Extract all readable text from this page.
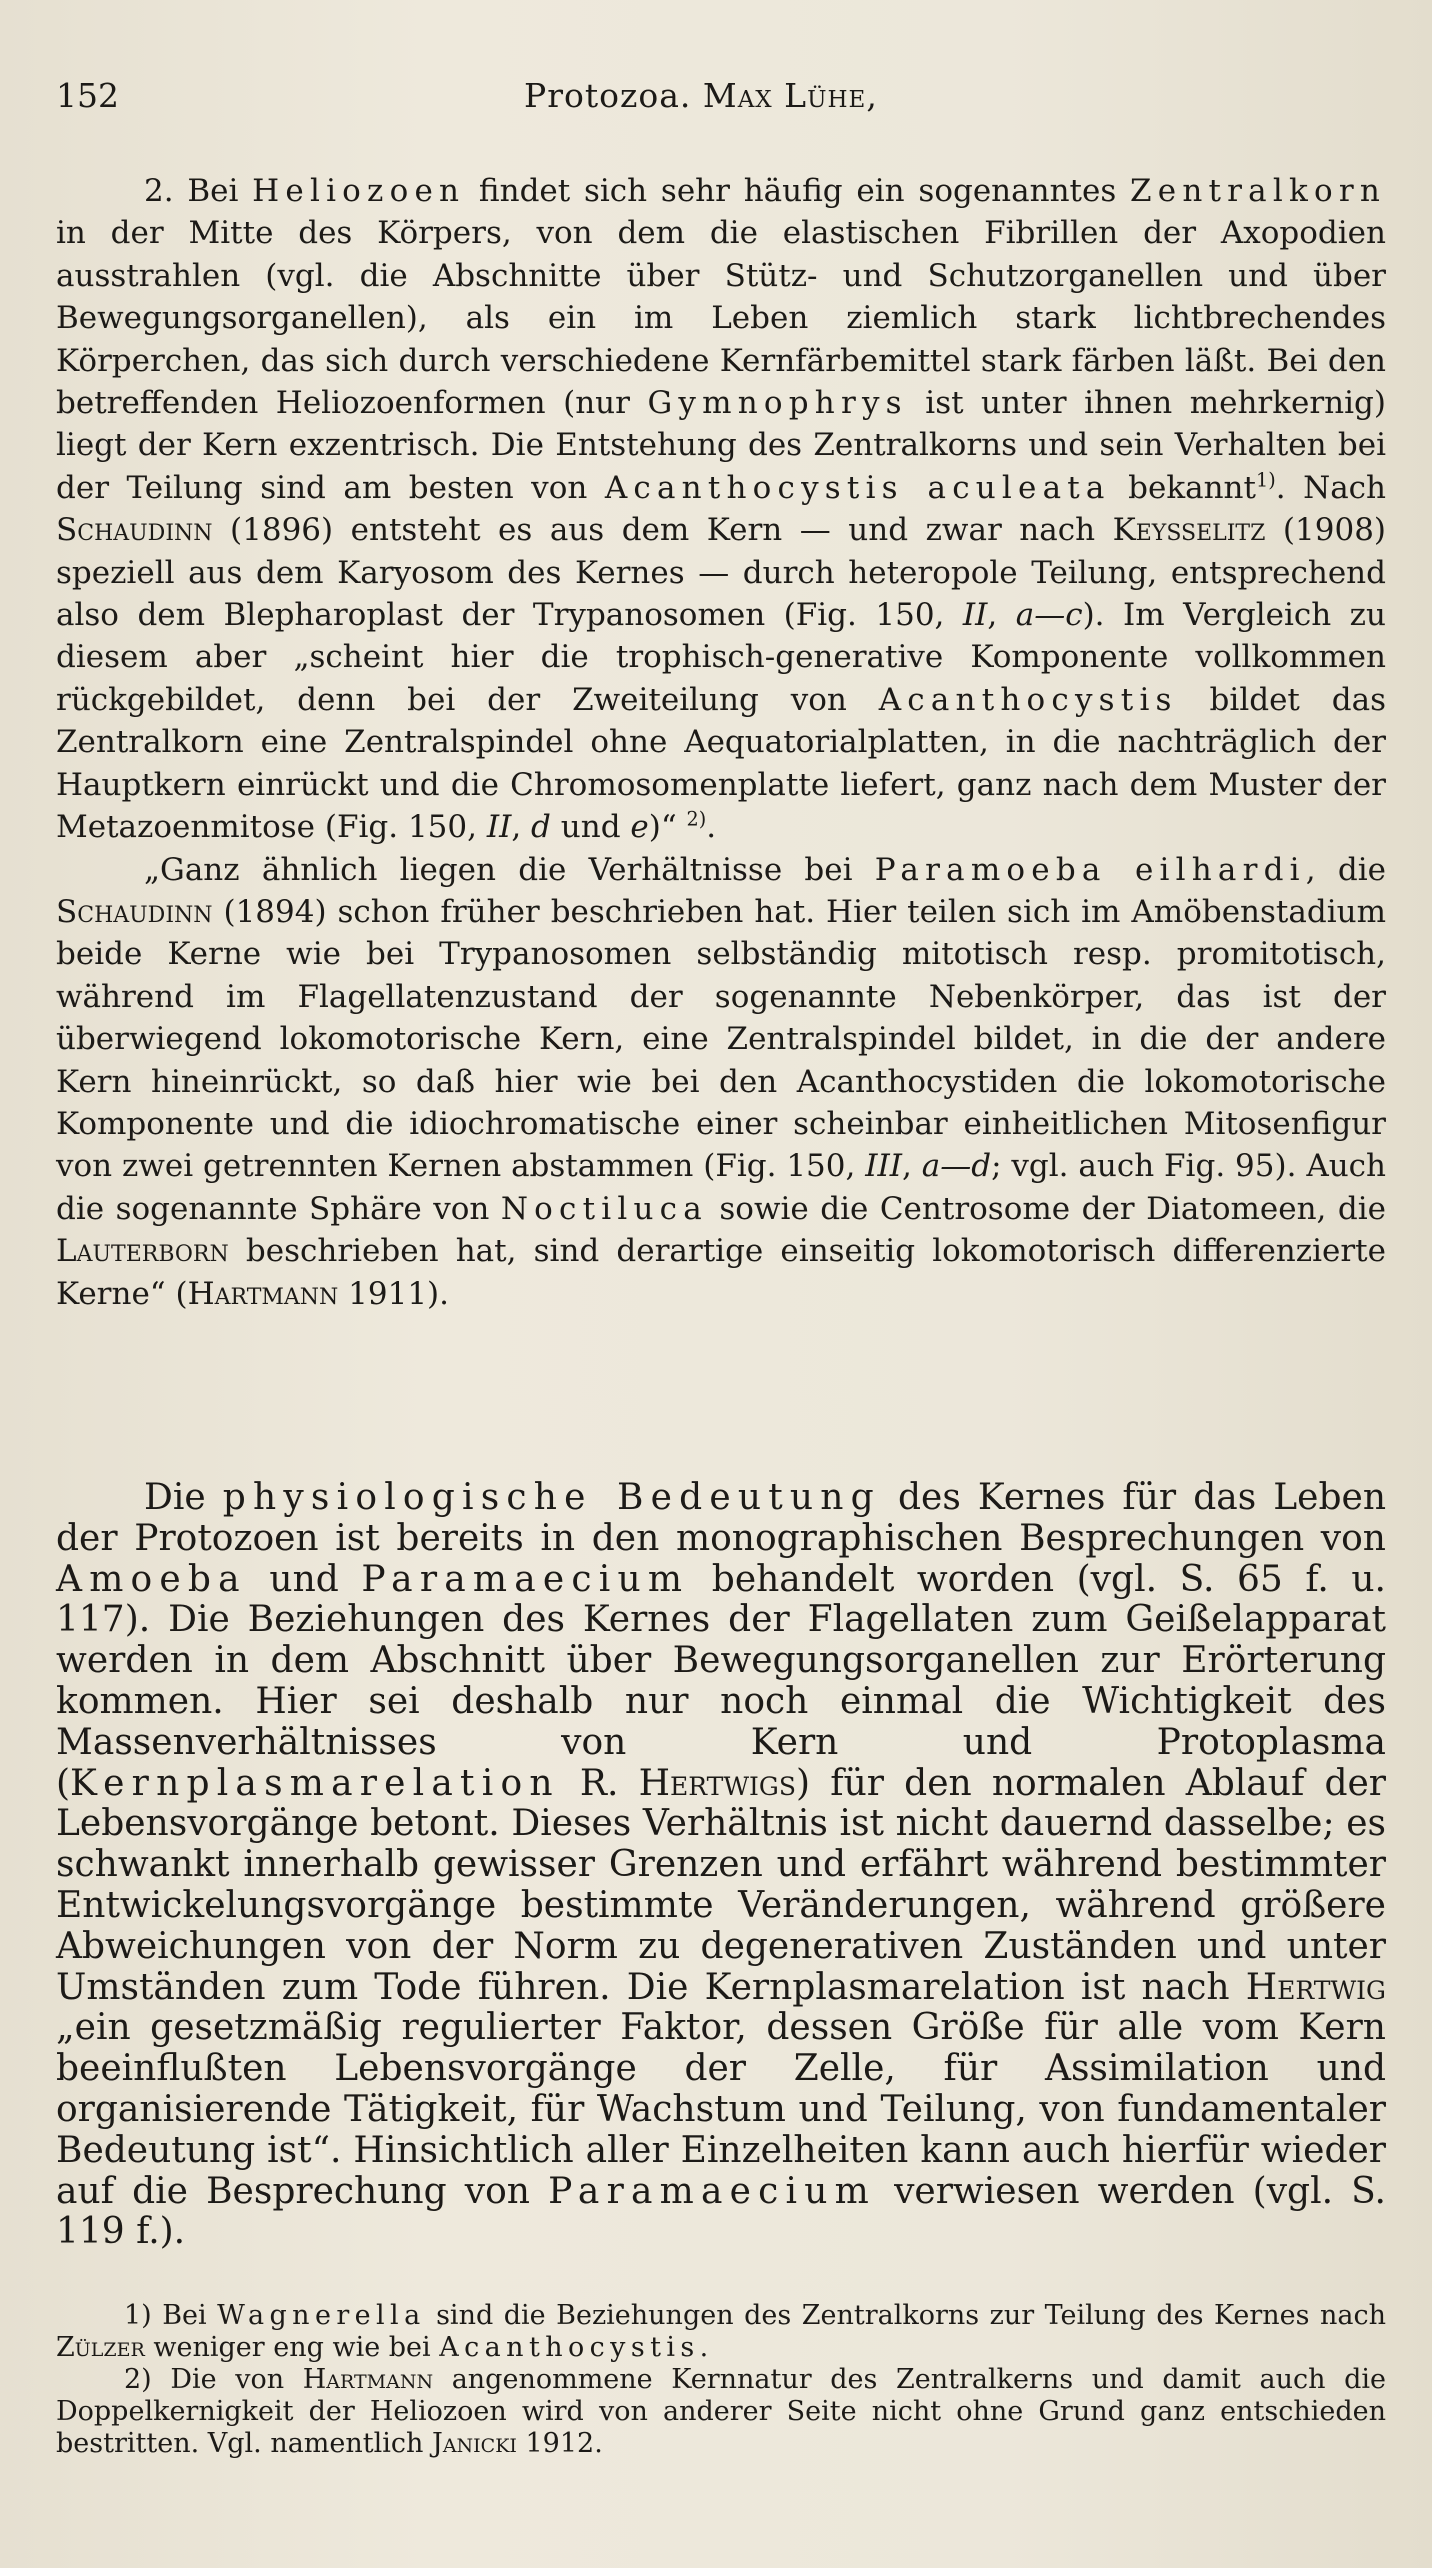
152	Protozoa. Max Lühe,

2. Bei Heliozoen findet sich sehr häufig ein sogenanntes Zentralkorn in der Mitte des Körpers, von dem die elastischen Fibrillen der Axopodien ausstrahlen (vgl. die Abschnitte über Stütz- und Schutzorganellen und über Bewegungsorganellen), als ein im Leben ziemlich stark lichtbrechendes Körperchen, das sich durch verschiedene Kernfärbemittel stark färben läßt. Bei den betreffenden Heliozoenformen (nur Gymnophrys ist unter ihnen mehrkernig) liegt der Kern exzentrisch. Die Entstehung des Zentralkorns und sein Verhalten bei der Teilung sind am besten von Acanthocystis aculeata bekannt$^{1)}$. Nach Schaudinn (1896) entsteht es aus dem Kern — und zwar nach Keysselitz (1908) speziell aus dem Karyosom des Kernes — durch heteropole Teilung, entsprechend also dem Blepharoplast der Trypanosomen (Fig. 150, II, a—c). Im Vergleich zu diesem aber „scheint hier die trophisch-generative Komponente vollkommen rückgebildet, denn bei der Zweiteilung von Acanthocystis bildet das Zentralkorn eine Zentralspindel ohne Aequatorialplatten, in die nachträglich der Hauptkern einrückt und die Chromosomenplatte liefert, ganz nach dem Muster der Metazoenmitose (Fig. 150, II, d und e)“ $^{2)}$.

„Ganz ähnlich liegen die Verhältnisse bei Paramoeba eilhardi, die Schaudinn (1894) schon früher beschrieben hat. Hier teilen sich im Amöbenstadium beide Kerne wie bei Trypanosomen selbständig mitotisch resp. promitotisch, während im Flagellatenzustand der sogenannte Nebenkörper, das ist der überwiegend lokomotorische Kern, eine Zentralspindel bildet, in die der andere Kern hineinrückt, so daß hier wie bei den Acanthocystiden die lokomotorische Komponente und die idiochromatische einer scheinbar einheitlichen Mitosenfigur von zwei getrennten Kernen abstammen (Fig. 150, III, a—d; vgl. auch Fig. 95). Auch die sogenannte Sphäre von Noctiluca sowie die Centrosome der Diatomeen, die Lauterborn beschrieben hat, sind derartige einseitig lokomotorisch differenzierte Kerne“ (Hartmann 1911).

Die physiologische Bedeutung des Kernes für das Leben der Protozoen ist bereits in den monographischen Besprechungen von Amoeba und Paramaecium behandelt worden (vgl. S. 65 f. u. 117). Die Beziehungen des Kernes der Flagellaten zum Geißelapparat werden in dem Abschnitt über Bewegungsorganellen zur Erörterung kommen. Hier sei deshalb nur noch einmal die Wichtigkeit des Massenverhältnisses von Kern und Protoplasma (Kernplasmarelation R. Hertwigs) für den normalen Ablauf der Lebensvorgänge betont. Dieses Verhältnis ist nicht dauernd dasselbe; es schwankt innerhalb gewisser Grenzen und erfährt während bestimmter Entwickelungsvorgänge bestimmte Veränderungen, während größere Abweichungen von der Norm zu degenerativen Zuständen und unter Umständen zum Tode führen. Die Kernplasmarelation ist nach Hertwig „ein gesetzmäßig regulierter Faktor, dessen Größe für alle vom Kern beeinflußten Lebensvorgänge der Zelle, für Assimilation und organisierende Tätigkeit, für Wachstum und Teilung, von fundamentaler Bedeutung ist“. Hinsichtlich aller Einzelheiten kann auch hierfür wieder auf die Besprechung von Paramaecium verwiesen werden (vgl. S. 119 f.).

1) Bei Wagnerella sind die Beziehungen des Zentralkorns zur Teilung des Kernes nach Zülzer weniger eng wie bei Acanthocystis.

2) Die von Hartmann angenommene Kernnatur des Zentralkerns und damit auch die Doppelkernigkeit der Heliozoen wird von anderer Seite nicht ohne Grund ganz entschieden bestritten. Vgl. namentlich Janicki 1912.
